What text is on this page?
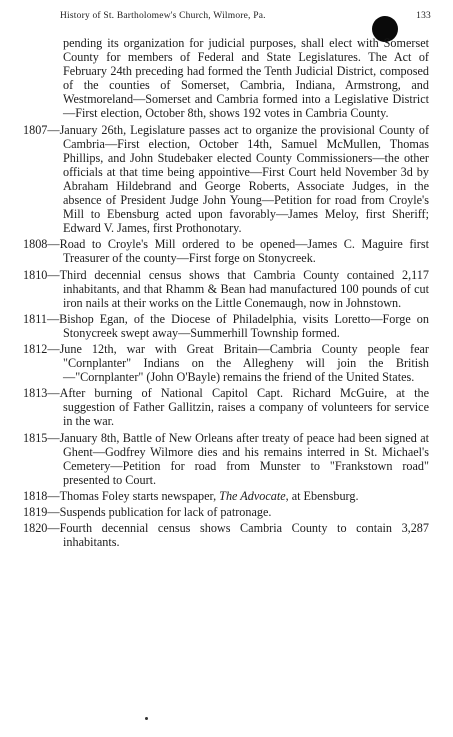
History of St. Bartholomew's Church, Wilmore, Pa.	133
pending its organization for judicial purposes, shall elect with Somerset County for members of Federal and State Legislatures. The Act of February 24th preceding had formed the Tenth Judicial District, composed of the counties of Somerset, Cambria, Indiana, Armstrong, and Westmoreland—Somerset and Cambria formed into a Legislative District—First election, October 8th, shows 192 votes in Cambria County.
1807—January 26th, Legislature passes act to organize the provisional County of Cambria—First election, October 14th, Samuel McMullen, Thomas Phillips, and John Studebaker elected County Commissioners—the other officials at that time being appointive—First Court held November 3d by Abraham Hildebrand and George Roberts, Associate Judges, in the absence of President Judge John Young—Petition for road from Croyle's Mill to Ebensburg acted upon favorably—James Meloy, first Sheriff; Edward V. James, first Prothonotary.
1808—Road to Croyle's Mill ordered to be opened—James C. Maguire first Treasurer of the county—First forge on Stonycreek.
1810—Third decennial census shows that Cambria County contained 2,117 inhabitants, and that Rhamm & Bean had manufactured 100 pounds of cut iron nails at their works on the Little Conemaugh, now in Johnstown.
1811—Bishop Egan, of the Diocese of Philadelphia, visits Loretto—Forge on Stonycreek swept away—Summerhill Township formed.
1812—June 12th, war with Great Britain—Cambria County people fear "Cornplanter" Indians on the Allegheny will join the British—"Cornplanter" (John O'Bayle) remains the friend of the United States.
1813—After burning of National Capitol Capt. Richard McGuire, at the suggestion of Father Gallitzin, raises a company of volunteers for service in the war.
1815—January 8th, Battle of New Orleans after treaty of peace had been signed at Ghent—Godfrey Wilmore dies and his remains interred in St. Michael's Cemetery—Petition for road from Munster to "Frankstown road" presented to Court.
1818—Thomas Foley starts newspaper, The Advocate, at Ebensburg.
1819—Suspends publication for lack of patronage.
1820—Fourth decennial census shows Cambria County to contain 3,287 inhabitants.
